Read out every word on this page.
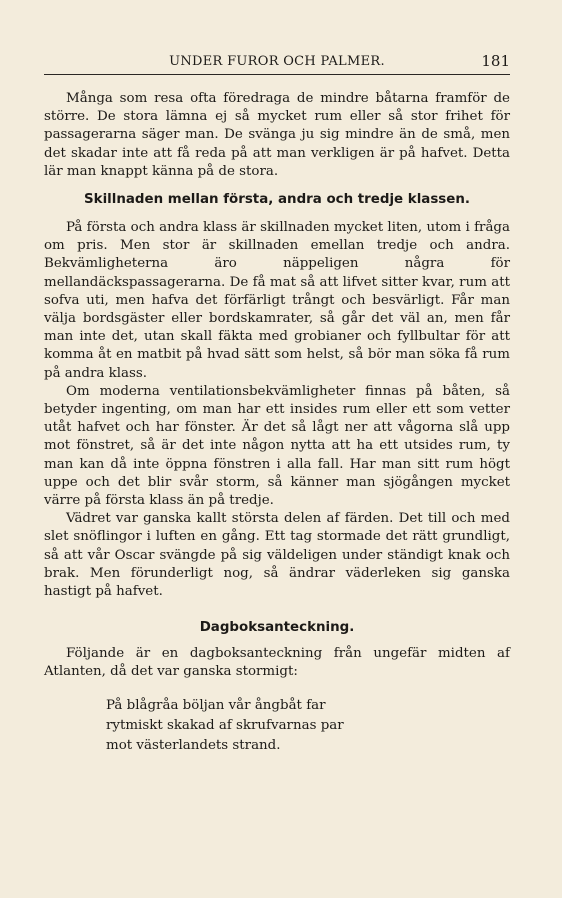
UNDER FUROR OCH PALMER.	181

Många som resa ofta föredraga de mindre båtarna framför de större. De stora lämna ej så mycket rum eller så stor frihet för passagerarna säger man. De svänga ju sig mindre än de små, men det skadar inte att få reda på att man verkligen är på hafvet. Detta lär man knappt känna på de stora.

Skillnaden mellan första, andra och tredje klassen.

På första och andra klass är skillnaden mycket liten, utom i fråga om pris. Men stor är skillnaden emellan tredje och andra. Bekvämligheterna äro näppeligen några för mellandäckspassagerarna. De få mat så att lifvet sitter kvar, rum att sofva uti, men hafva det förfärligt trångt och besvärligt. Får man välja bordsgäster eller bordskamrater, så går det väl an, men får man inte det, utan skall fäkta med grobianer och fyllbultar för att komma åt en matbit på hvad sätt som helst, så bör man söka få rum på andra klass.

Om moderna ventilationsbekvämligheter finnas på båten, så betyder ingenting, om man har ett insides rum eller ett som vetter utåt hafvet och har fönster. Är det så lågt ner att vågorna slå upp mot fönstret, så är det inte någon nytta att ha ett utsides rum, ty man kan då inte öppna fönstren i alla fall. Har man sitt rum högt uppe och det blir svår storm, så känner man sjögången mycket värre på första klass än på tredje.

Vädret var ganska kallt största delen af färden. Det till och med slet snöflingor i luften en gång. Ett tag stormade det rätt grundligt, så att vår Oscar svängde på sig väldeligen under ständigt knak och brak. Men förunderligt nog, så ändrar väderleken sig ganska hastigt på hafvet.

Dagboksanteckning.

Följande är en dagboksanteckning från ungefär midten af Atlanten, då det var ganska stormigt:

På blågråa böljan vår ångbåt far
rytmiskt skakad af skrufvarnas par
mot västerlandets strand.
